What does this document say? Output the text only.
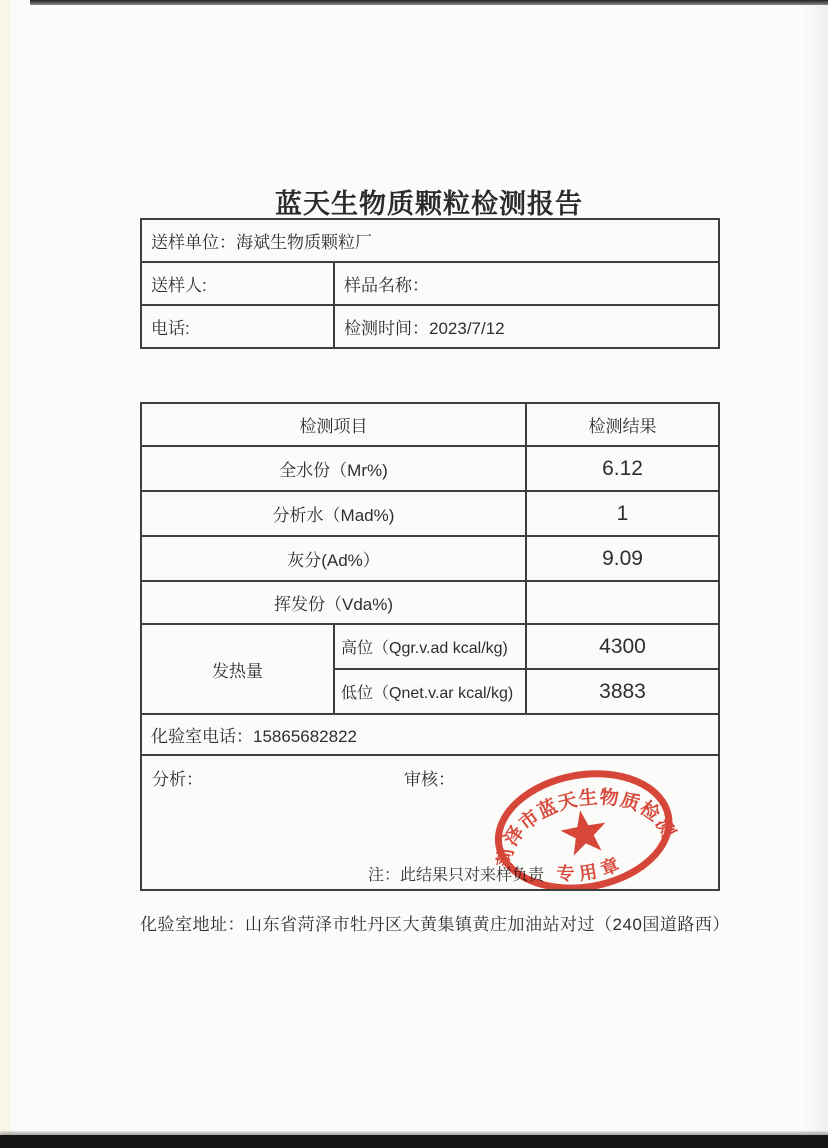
蓝天生物质颗粒检测报告
送样单位：海斌生物质颗粒厂	
送样人:	样品名称：
电话:	检测时间：2023/7/12
检测项目		检测结果
全水份（Mr%)		6.12
分析水（Mad%)		1
灰分(Ad%）		9.09
挥发份（Vda%)		
发热量	高位（Qgr.v.ad kcal/kg)	4300
	低位（Qnet.v.ar kcal/kg)	3883
化验室电话：15865682822		

分析： 审核：
注：此结果只对来样负责
菏泽市蓝天生物质检测
专用章		
化验室地址：山东省菏泽市牡丹区大黄集镇黄庄加油站对过（240国道路西）
